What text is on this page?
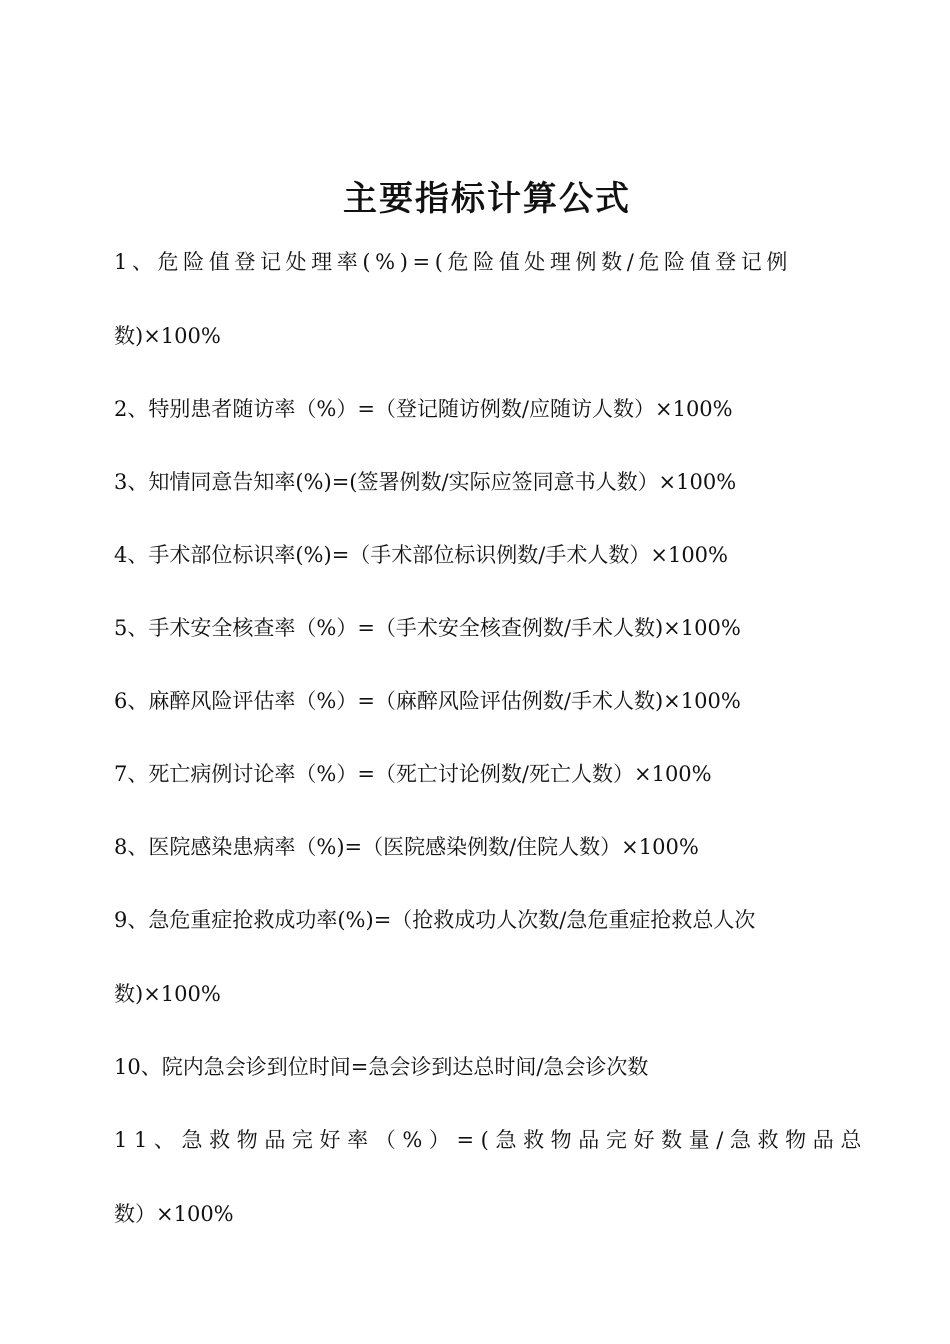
主要指标计算公式
1、危险值登记处理率(%)=(危险值处理例数/危险值登记例
数)×100%
2、特别患者随访率（%）=（登记随访例数/应随访人数）×100%
3、知情同意告知率(%)=(签署例数/实际应签同意书人数）×100%
4、手术部位标识率(%)=（手术部位标识例数/手术人数）×100%
5、手术安全核查率（%）=（手术安全核查例数/手术人数)×100%
6、麻醉风险评估率（%）=（麻醉风险评估例数/手术人数)×100%
7、死亡病例讨论率（%）=（死亡讨论例数/死亡人数）×100%
8、医院感染患病率（%)=（医院感染例数/住院人数）×100%
9、急危重症抢救成功率(%)=（抢救成功人次数/急危重症抢救总人次
数)×100%
10、院内急会诊到位时间=急会诊到达总时间/急会诊次数
11、急救物品完好率（%）=(急救物品完好数量/急救物品总
数）×100%
